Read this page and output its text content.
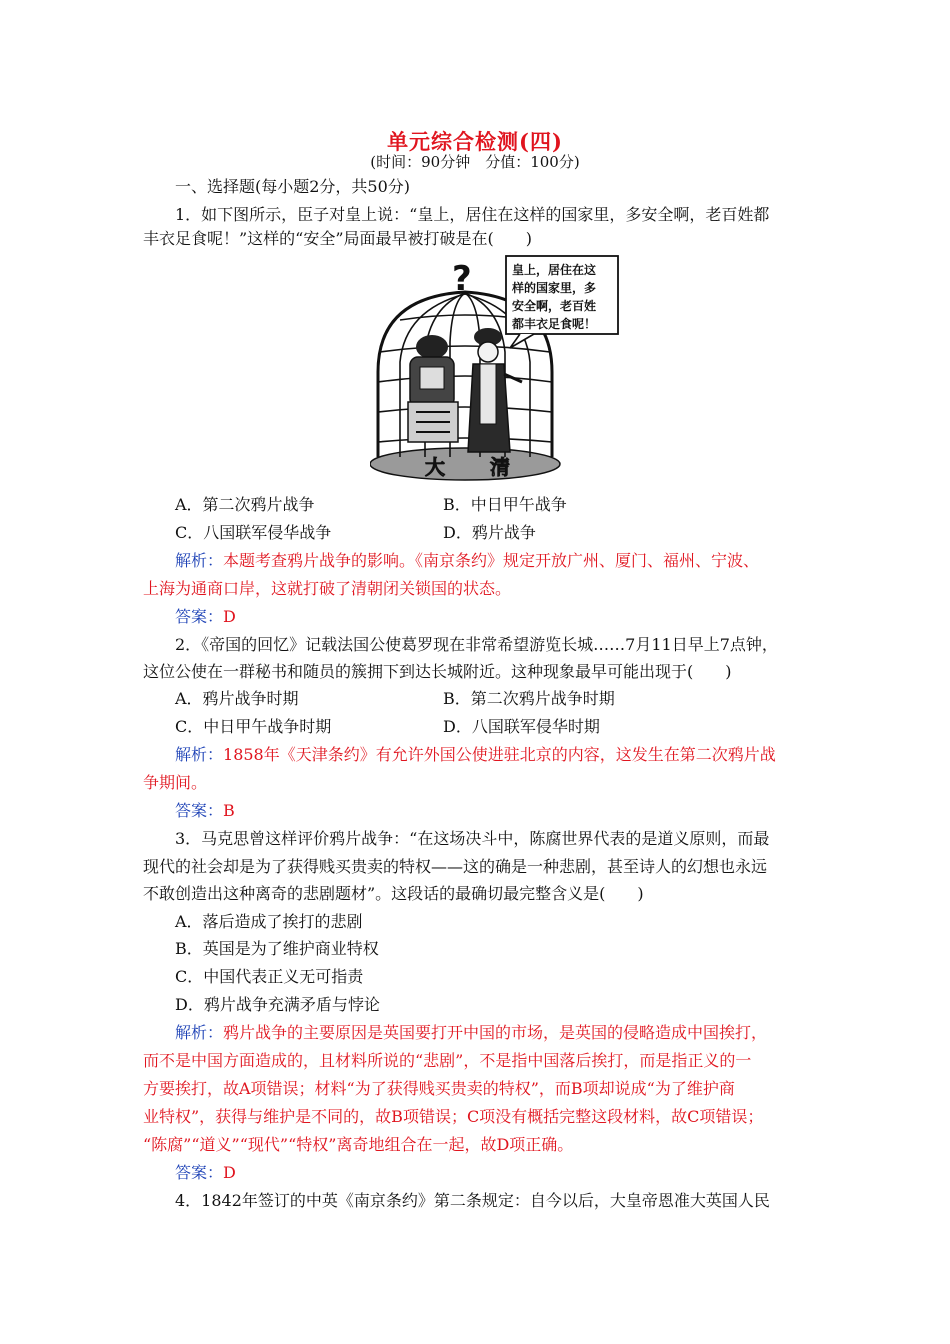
单元综合检测(四)
(时间：90分钟　分值：100分)
一、选择题(每小题2分，共50分)
1．如下图所示，臣子对皇上说：“皇上，居住在这样的国家里，多安全啊，老百姓都
丰衣足食呢！”这样的“安全”局面最早被打破是在(　　)
?
大 清
皇上，居住在这
样的国家里，多
安全啊，老百姓
都丰衣足食呢！
A．第二次鸦片战争	B．中日甲午战争
C．八国联军侵华战争	D．鸦片战争
解析：本题考查鸦片战争的影响。《南京条约》规定开放广州、厦门、福州、宁波、
上海为通商口岸，这就打破了清朝闭关锁国的状态。
答案：D
2．《帝国的回忆》记载法国公使葛罗现在非常希望游览长城……7月11日早上7点钟，
这位公使在一群秘书和随员的簇拥下到达长城附近。这种现象最早可能出现于(　　)
A．鸦片战争时期	B．第二次鸦片战争时期
C．中日甲午战争时期	D．八国联军侵华时期
解析：1858年《天津条约》有允许外国公使进驻北京的内容，这发生在第二次鸦片战
争期间。
答案：B
3．马克思曾这样评价鸦片战争：“在这场决斗中，陈腐世界代表的是道义原则，而最
现代的社会却是为了获得贱买贵卖的特权——这的确是一种悲剧，甚至诗人的幻想也永远
不敢创造出这种离奇的悲剧题材”。这段话的最确切最完整含义是(　　)
A．落后造成了挨打的悲剧
B．英国是为了维护商业特权
C．中国代表正义无可指责
D．鸦片战争充满矛盾与悖论
解析：鸦片战争的主要原因是英国要打开中国的市场，是英国的侵略造成中国挨打，
而不是中国方面造成的，且材料所说的“悲剧”，不是指中国落后挨打，而是指正义的一
方要挨打，故A项错误；材料“为了获得贱买贵卖的特权”，而B项却说成“为了维护商
业特权”，获得与维护是不同的，故B项错误；C项没有概括完整这段材料，故C项错误；
“陈腐”“道义”“现代”“特权”离奇地组合在一起，故D项正确。
答案：D
4．1842年签订的中英《南京条约》第二条规定：自今以后，大皇帝恩准大英国人民
